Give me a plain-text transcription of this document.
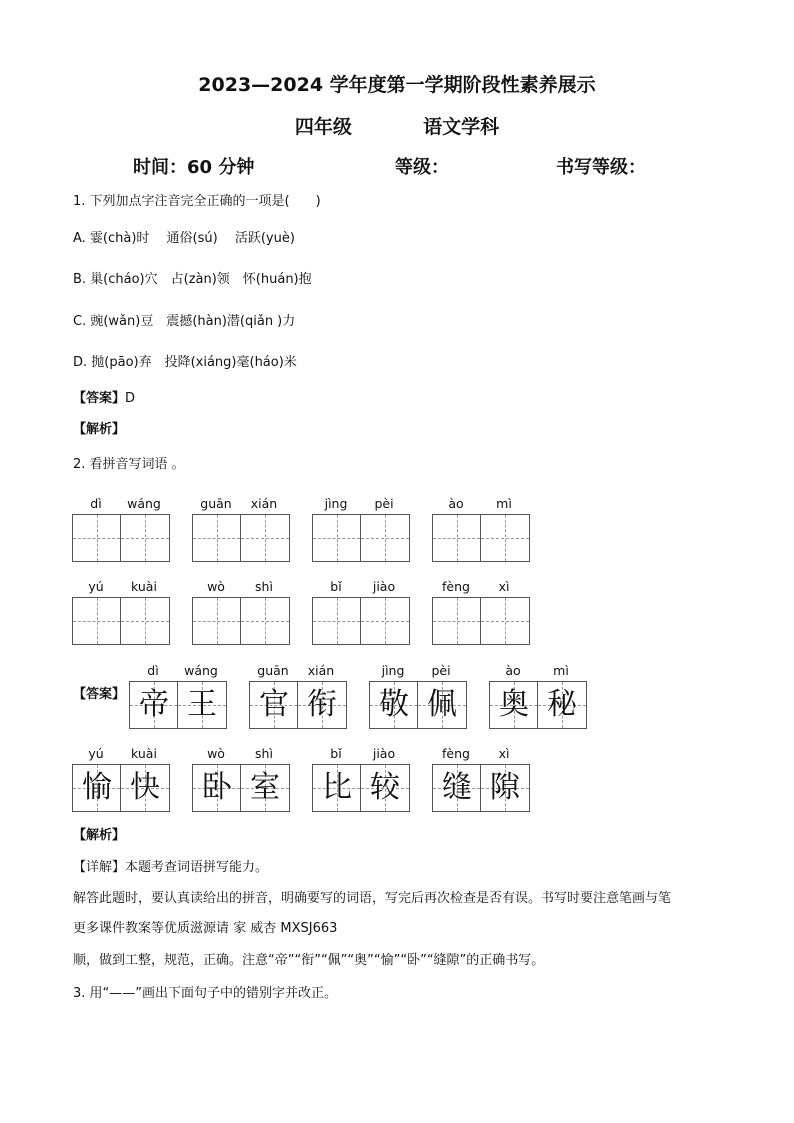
2023—2024 学年度第一学期阶段性素养展示
四年级	语文学科
时间：60 分钟	等级：	书写等级：
1. 下列加点字注音完全正确的一项是(　　)
A. 霎(chà)时　 通俗(sú)　 活跃(yuè)
B. 巢(cháo)穴　占(zàn)领　怀(huán)抱
C. 豌(wǎn)豆　震撼(hàn)潜(qiǎn )力
D. 抛(pāo)弃　投降(xiáng)毫(háo)米
【答案】D
【解析】
2. 看拼音写词语 。
dì	wáng	guān	xián	jìng	pèi	ào	mì
yú	kuài	wò	shì	bǐ	jiào	fèng	xì
dì	wáng
帝 王
guān	xián
官 衔
jìng	pèi
敬 佩
ào	mì
奥 秘
yú	kuài
愉 快
wò	shì
卧 室
bǐ	jiào
比 较
fèng	xì
缝 隙
【答案】
【解析】
【详解】本题考查词语拼写能力。
解答此题时，要认真读给出的拼音，明确要写的词语，写完后再次检查是否有误。书写时要注意笔画与笔
更多课件教案等优质滋源请 家 威杏 MXSJ663
顺，做到工整，规范，正确。注意“帝”“衔”“佩”“奥”“愉”“卧”“缝隙”的正确书写。
3. 用“——”画出下面句子中的错别字并改正。
